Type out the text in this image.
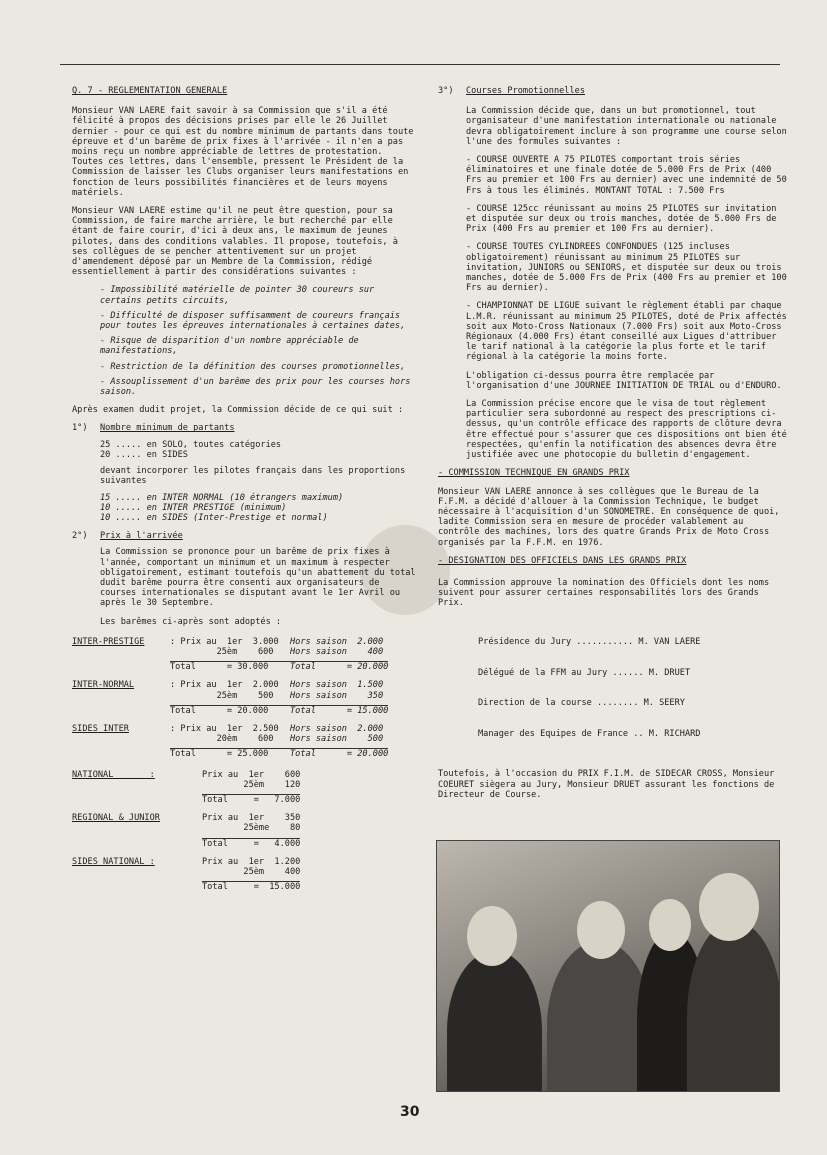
Q. 7 - REGLEMENTATION GENERALE

Monsieur VAN LAERE fait savoir à sa Commission que s'il a été félicité à propos des décisions prises par elle le 26 Juillet dernier - pour ce qui est du nombre minimum de partants dans toute épreuve et d'un barême de prix fixes à l'arrivée - il n'en a pas moins reçu un nombre appréciable de lettres de protestation. Toutes ces lettres, dans l'ensemble, pressent le Président de la Commission de laisser les Clubs organiser leurs manifestations en fonction de leurs possibilités financières et de leurs moyens matériels.

Monsieur VAN LAERE estime qu'il ne peut être question, pour sa Commission, de faire marche arrière, le but recherché par elle étant de faire courir, d'ici à deux ans, le maximum de jeunes pilotes, dans des conditions valables. Il propose, toutefois, à ses collègues de se pencher attentivement sur un projet d'amendement déposé par un Membre de la Commission, rédigé essentiellement à partir des considérations suivantes :

- Impossibilité matérielle de pointer 30 coureurs sur certains petits circuits,
- Difficulté de disposer suffisamment de coureurs français pour toutes les épreuves internationales à certaines dates,
- Risque de disparition d'un nombre appréciable de manifestations,
- Restriction de la définition des courses promotionnelles,
- Assouplissement d'un barême des prix pour les courses hors saison.

Après examen dudit projet, la Commission décide de ce qui suit :

1°)	Nombre minimum de partants
25 ..... en SOLO, toutes catégories
20 ..... en SIDES
devant incorporer les pilotes français dans les proportions suivantes
15 ..... en INTER NORMAL (10 étrangers maximum)
10 ..... en INTER PRESTIGE (minimum)
10 ..... en SIDES (Inter-Prestige et normal)
2°)	Prix à l'arrivée

La Commission se prononce pour un barême de prix fixes à l'année, comportant un minimum et un maximum à respecter obligatoirement, estimant toutefois qu'un abattement du total dudit barême pourra être consenti aux organisateurs de courses internationales se disputant avant le 1er Avril ou après le 30 Septembre.

Les barêmes ci-après sont adoptés :

INTER-PRESTIGE	: Prix au  1er  3.000	Hors saison  2.000
25èm    600	Hors saison    400
Total      = 30.000	Total      = 20.000
INTER-NORMAL	: Prix au  1er  2.000	Hors saison  1.500
25èm    500	Hors saison    350
Total      = 20.000	Total      = 15.000
SIDES INTER	: Prix au  1er  2.500	Hors saison  2.000
20èm    600	Hors saison    500
Total      = 25.000	Total      = 20.000
NATIONAL       :	Prix au  1er    600
25èm    120
Total     =   7.000
REGIONAL & JUNIOR	Prix au  1er    350
25ème    80
Total     =   4.000
SIDES NATIONAL :	Prix au  1er  1.200
25èm    400
Total     =  15.000
3°)	Courses Promotionnelles

La Commission décide que, dans un but promotionnel, tout organisateur d'une manifestation internationale ou nationale devra obligatoirement inclure à son programme une course selon l'une des formules suivantes :

- COURSE OUVERTE A 75 PILOTES comportant trois séries éliminatoires et une finale dotée de 5.000 Frs de Prix (400 Frs au premier et 100 Frs au dernier) avec une indemnité de 50 Frs à tous les éliminés. MONTANT TOTAL : 7.500 Frs

- COURSE 125cc réunissant au moins 25 PILOTES sur invitation et disputée sur deux ou trois manches, dotée de 5.000 Frs de Prix (400 Frs au premier et 100 Frs au dernier).

- COURSE TOUTES CYLINDREES CONFONDUES (125 incluses obligatoirement) réunissant au minimum 25 PILOTES sur invitation, JUNIORS ou SENIORS, et disputée sur deux ou trois manches, dotée de 5.000 Frs de Prix (400 Frs au premier et 100 Frs au dernier).

- CHAMPIONNAT DE LIGUE suivant le règlement établi par chaque L.M.R. réunissant au minimum 25 PILOTES, doté de Prix affectés soit aux Moto-Cross Nationaux (7.000 Frs) soit aux Moto-Cross Régionaux (4.000 Frs) étant conseillé aux Ligues d'attribuer le tarif national à la catégorie la plus forte et le tarif régional à la catégorie la moins forte.

L'obligation ci-dessus pourra être remplacée par l'organisation d'une JOURNEE INITIATION DE TRIAL ou d'ENDURO.

La Commission précise encore que le visa de tout règlement particulier sera subordonné au respect des prescriptions ci-dessus, qu'un contrôle efficace des rapports de clôture devra être effectué pour s'assurer que ces dispositions ont bien été respectées, qu'enfin la notification des absences devra être justifiée avec une photocopie du bulletin d'engagement.

- COMMISSION TECHNIQUE EN GRANDS PRIX

Monsieur VAN LAERE annonce à ses collègues que le Bureau de la F.F.M. a décidé d'allouer à la Commission Technique, le budget nécessaire à l'acquisition d'un SONOMETRE. En conséquence de quoi, ladite Commission sera en mesure de procéder valablement au contrôle des machines, lors des quatre Grands Prix de Moto Cross organisés par la F.F.M. en 1976.

- DESIGNATION DES OFFICIELS DANS LES GRANDS PRIX

La Commission approuve la nomination des Officiels dont les noms suivent pour assurer certaines responsabilités lors des Grands Prix.

Présidence du Jury ........... M. VAN LAERE

Délégué de la FFM au Jury ...... M. DRUET

Direction de la course ........ M. SEERY

Manager des Equipes de France .. M. RICHARD

Toutefois, à l'occasion du PRIX F.I.M. de SIDECAR CROSS, Monsieur COEURET siègera au Jury, Monsieur DRUET assurant les fonctions de Directeur de Course.

30
